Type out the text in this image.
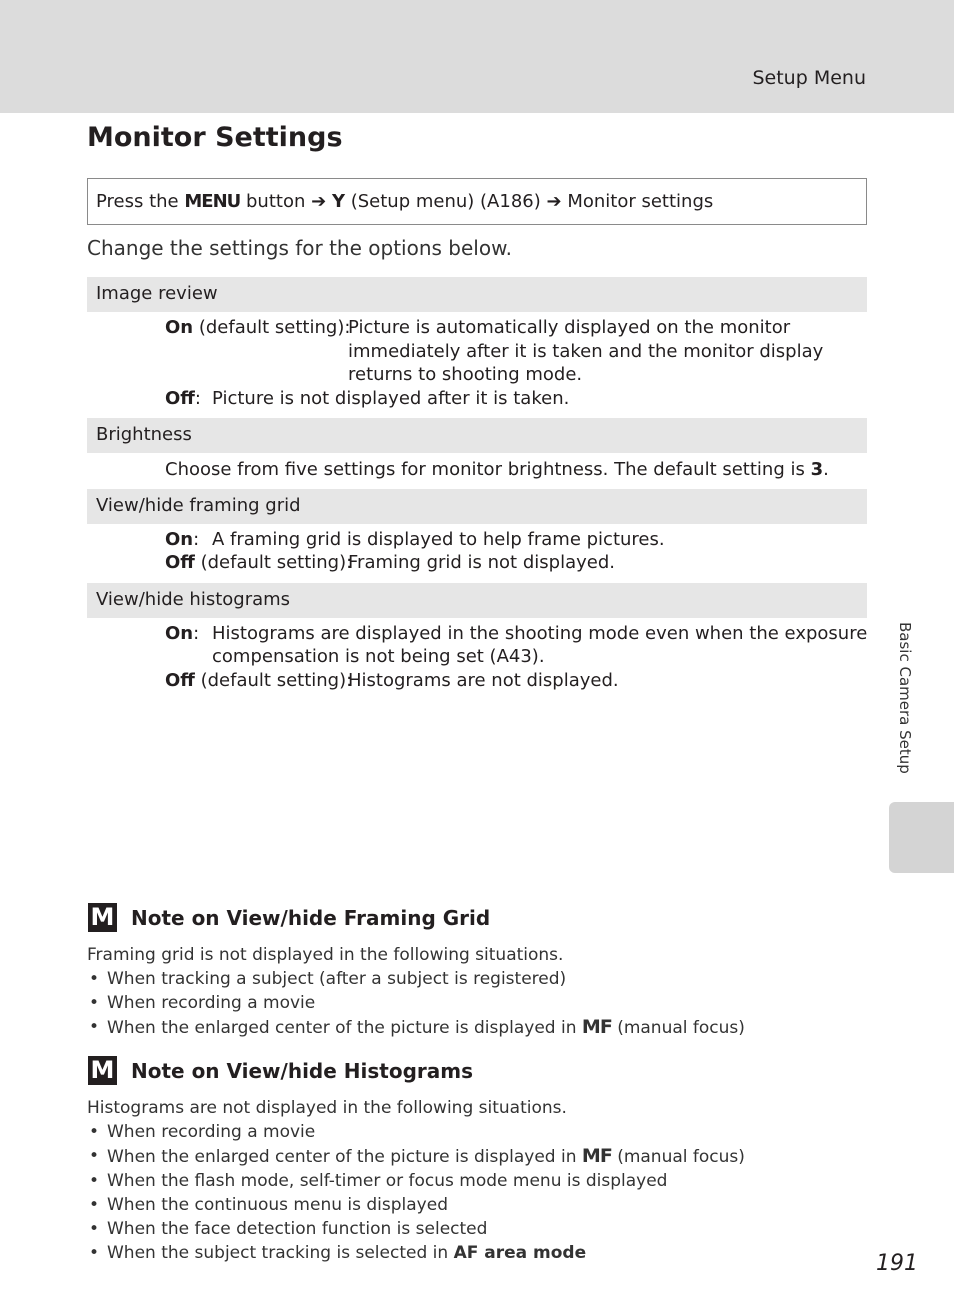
Setup Menu
Monitor Settings
Press the MENU button ➔ Y (Setup menu) (A186) ➔ Monitor settings
Change the settings for the options below.
Image review
On (default setting):
Picture is automatically displayed on the monitor immediately after it is taken and the monitor display returns to shooting mode.
Off: Picture is not displayed after it is taken.
Brightness
Choose from five settings for monitor brightness. The default setting is 3.
View/hide framing grid
On: A framing grid is displayed to help frame pictures.
Off (default setting):
Framing grid is not displayed.
View/hide histograms
On: Histograms are displayed in the shooting mode even when the exposure
compensation is not being set (A43).
Off (default setting):
Histograms are not displayed.
M Note on View/hide Framing Grid
Framing grid is not displayed in the following situations.
• When tracking a subject (after a subject is registered)
• When recording a movie
• When the enlarged center of the picture is displayed in MF (manual focus)
M Note on View/hide Histograms
Histograms are not displayed in the following situations.
• When recording a movie
• When the enlarged center of the picture is displayed in MF (manual focus)
• When the flash mode, self-timer or focus mode menu is displayed
• When the continuous menu is displayed
• When the face detection function is selected
• When the subject tracking is selected in AF area mode
Basic Camera Setup
191
